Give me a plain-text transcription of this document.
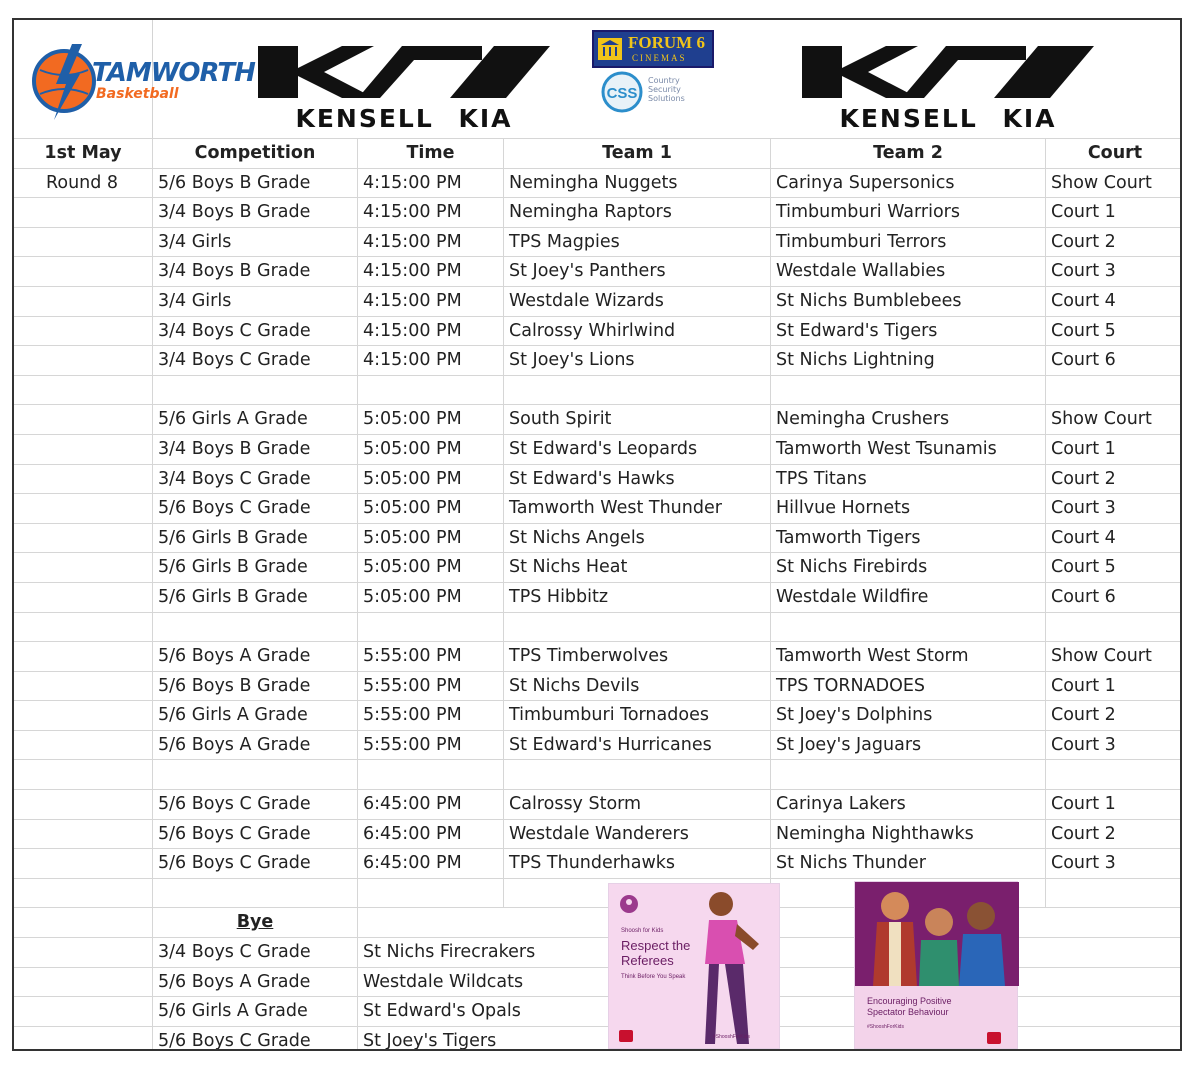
TAMWORTH
Basketball
KENSELL KIA
FORUM 6
CINEMAS
CSS
Country
Security
Solutions
KENSELL KIA
1st May	Competition	Time	Team 1	Team 2	Court
Round 8	5/6 Boys B Grade	4:15:00 PM	Nemingha Nuggets	Carinya Supersonics	Show Court
3/4 Boys B Grade	4:15:00 PM	Nemingha Raptors	Timbumburi Warriors	Court 1
3/4 Girls	4:15:00 PM	TPS Magpies	Timbumburi Terrors	Court 2
3/4 Boys B Grade	4:15:00 PM	St Joey's Panthers	Westdale Wallabies	Court 3
3/4 Girls	4:15:00 PM	Westdale Wizards	St Nichs Bumblebees	Court 4
3/4 Boys C Grade	4:15:00 PM	Calrossy Whirlwind	St Edward's Tigers	Court 5
3/4 Boys C Grade	4:15:00 PM	St Joey's Lions	St Nichs Lightning	Court 6
5/6 Girls A Grade	5:05:00 PM	South Spirit	Nemingha Crushers	Show Court
3/4 Boys B Grade	5:05:00 PM	St Edward's Leopards	Tamworth West Tsunamis	Court 1
3/4 Boys C Grade	5:05:00 PM	St Edward's Hawks	TPS Titans	Court 2
5/6 Boys C Grade	5:05:00 PM	Tamworth West Thunder	Hillvue Hornets	Court 3
5/6 Girls B Grade	5:05:00 PM	St Nichs Angels	Tamworth Tigers	Court 4
5/6 Girls B Grade	5:05:00 PM	St Nichs Heat	St Nichs Firebirds	Court 5
5/6 Girls B Grade	5:05:00 PM	TPS Hibbitz	Westdale Wildfire	Court 6
5/6 Boys A Grade	5:55:00 PM	TPS Timberwolves	Tamworth West Storm	Show Court
5/6 Boys B Grade	5:55:00 PM	St Nichs Devils	TPS TORNADOES	Court 1
5/6 Girls A Grade	5:55:00 PM	Timbumburi Tornadoes	St Joey's Dolphins	Court 2
5/6 Boys A Grade	5:55:00 PM	St Edward's Hurricanes	St Joey's Jaguars	Court 3
5/6 Boys C Grade	6:45:00 PM	Calrossy Storm	Carinya Lakers	Court 1
5/6 Boys C Grade	6:45:00 PM	Westdale Wanderers	Nemingha Nighthawks	Court 2
5/6 Boys C Grade	6:45:00 PM	TPS Thunderhawks	St Nichs Thunder	Court 3
Bye
3/4 Boys C Grade	St Nichs Firecrakers
5/6 Boys A Grade	Westdale Wildcats
5/6 Girls A Grade	St Edward's Opals
5/6 Boys C Grade	St Joey's Tigers
Shoosh for Kids
Respect the Referees
Think Before You Speak
#ShooshForKids
Encouraging Positive Spectator Behaviour
#ShooshForKids
